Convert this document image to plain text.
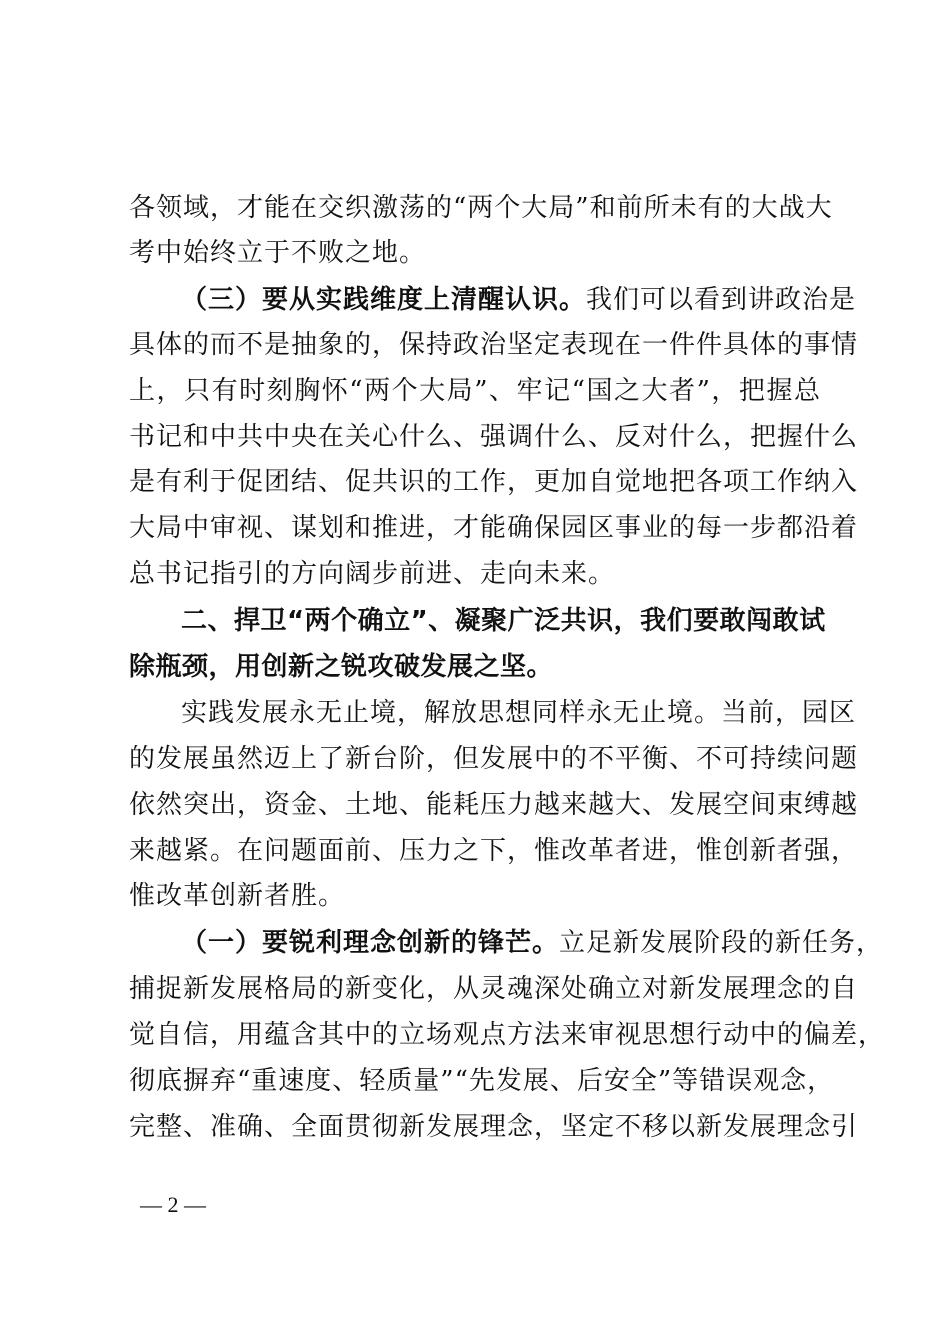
各领域，才能在交织激荡的“两个大局”和前所未有的大战大
考中始终立于不败之地。
（三）要从实践维度上清醒认识。我们可以看到讲政治是
具体的而不是抽象的，保持政治坚定表现在一件件具体的事情
上，只有时刻胸怀“两个大局”、牢记“国之大者”，把握总
书记和中共中央在关心什么、强调什么、反对什么，把握什么
是有利于促团结、促共识的工作，更加自觉地把各项工作纳入
大局中审视、谋划和推进，才能确保园区事业的每一步都沿着
总书记指引的方向阔步前进、走向未来。
二、捍卫“两个确立”、凝聚广泛共识，我们要敢闯敢试
除瓶颈，用创新之锐攻破发展之坚。
实践发展永无止境，解放思想同样永无止境。当前，园区
的发展虽然迈上了新台阶，但发展中的不平衡、不可持续问题
依然突出，资金、土地、能耗压力越来越大、发展空间束缚越
来越紧。在问题面前、压力之下，惟改革者进，惟创新者强，
惟改革创新者胜。
（一）要锐利理念创新的锋芒。立足新发展阶段的新任务，
捕捉新发展格局的新变化，从灵魂深处确立对新发展理念的自
觉自信，用蕴含其中的立场观点方法来审视思想行动中的偏差，
彻底摒弃“重速度、轻质量”“先发展、后安全”等错误观念，
完整、准确、全面贯彻新发展理念，坚定不移以新发展理念引
— 2 —
